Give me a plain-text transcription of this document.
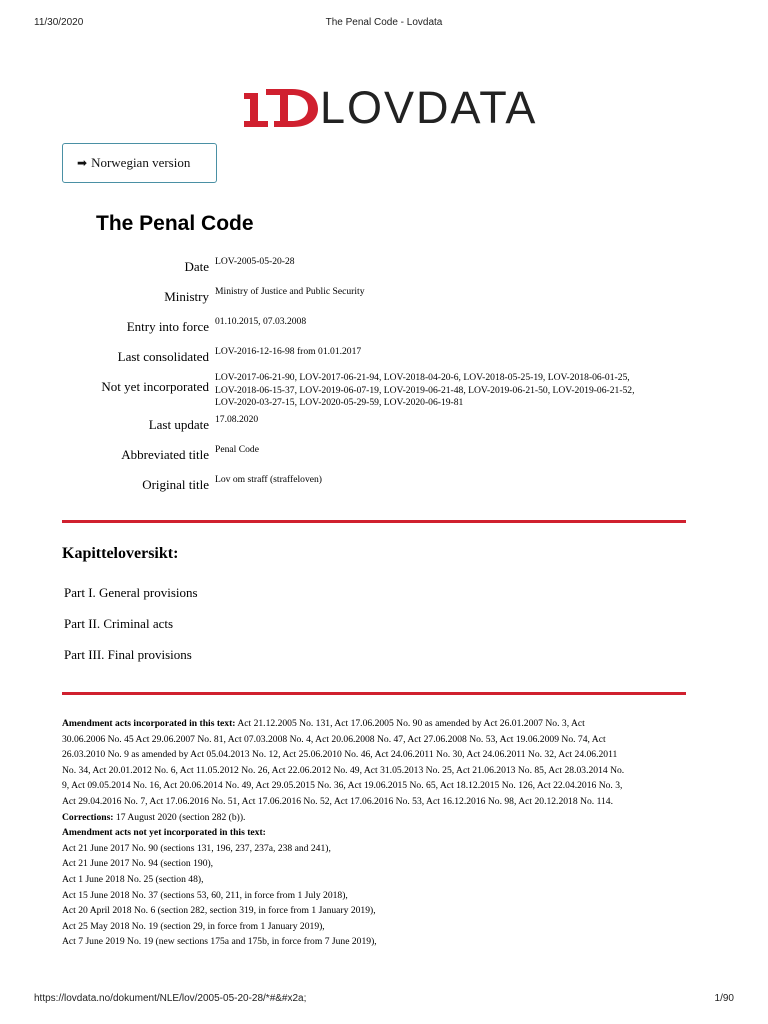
11/30/2020	The Penal Code - Lovdata
LOVDATA
➡ Norwegian version
The Penal Code
Date LOV-2005-05-20-28
Ministry Ministry of Justice and Public Security
Entry into force 01.10.2015, 07.03.2008
Last consolidated LOV-2016-12-16-98 from 01.01.2017
Not yet incorporated
LOV-2017-06-21-90, LOV-2017-06-21-94, LOV-2018-04-20-6, LOV-2018-05-25-19, LOV-2018-06-01-25,
LOV-2018-06-15-37, LOV-2019-06-07-19, LOV-2019-06-21-48, LOV-2019-06-21-50, LOV-2019-06-21-52,
LOV-2020-03-27-15, LOV-2020-05-29-59, LOV-2020-06-19-81
Last update 17.08.2020
Abbreviated title Penal Code
Original title Lov om straff (straffeloven)
Kapitteloversikt:
Part I. General provisions
Part II. Criminal acts
Part III. Final provisions

Amendment acts incorporated in this text: Act 21.12.2005 No. 131, Act 17.06.2005 No. 90 as amended by Act 26.01.2007 No. 3, Act

30.06.2006 No. 45 Act 29.06.2007 No. 81, Act 07.03.2008 No. 4, Act 20.06.2008 No. 47, Act 27.06.2008 No. 53, Act 19.06.2009 No. 74, Act

26.03.2010 No. 9 as amended by Act 05.04.2013 No. 12, Act 25.06.2010 No. 46, Act 24.06.2011 No. 30, Act 24.06.2011 No. 32, Act 24.06.2011

No. 34, Act 20.01.2012 No. 6, Act 11.05.2012 No. 26, Act 22.06.2012 No. 49, Act 31.05.2013 No. 25, Act 21.06.2013 No. 85, Act 28.03.2014 No.

9, Act 09.05.2014 No. 16, Act 20.06.2014 No. 49, Act 29.05.2015 No. 36, Act 19.06.2015 No. 65, Act 18.12.2015 No. 126, Act 22.04.2016 No. 3,

Act 29.04.2016 No. 7, Act 17.06.2016 No. 51, Act 17.06.2016 No. 52, Act 17.06.2016 No. 53, Act 16.12.2016 No. 98, Act 20.12.2018 No. 114.

Corrections: 17 August 2020 (section 282 (b)).

Amendment acts not yet incorporated in this text:

Act 21 June 2017 No. 90 (sections 131, 196, 237, 237a, 238 and 241),

Act 21 June 2017 No. 94 (section 190),

Act 1 June 2018 No. 25 (section 48),

Act 15 June 2018 No. 37 (sections 53, 60, 211, in force from 1 July 2018),

Act 20 April 2018 No. 6 (section 282, section 319, in force from 1 January 2019),

Act 25 May 2018 No. 19 (section 29, in force from 1 January 2019),

Act 7 June 2019 No. 19 (new sections 175a and 175b, in force from 7 June 2019),

https://lovdata.no/dokument/NLE/lov/2005-05-20-28/*#&#x2a;	1/90
